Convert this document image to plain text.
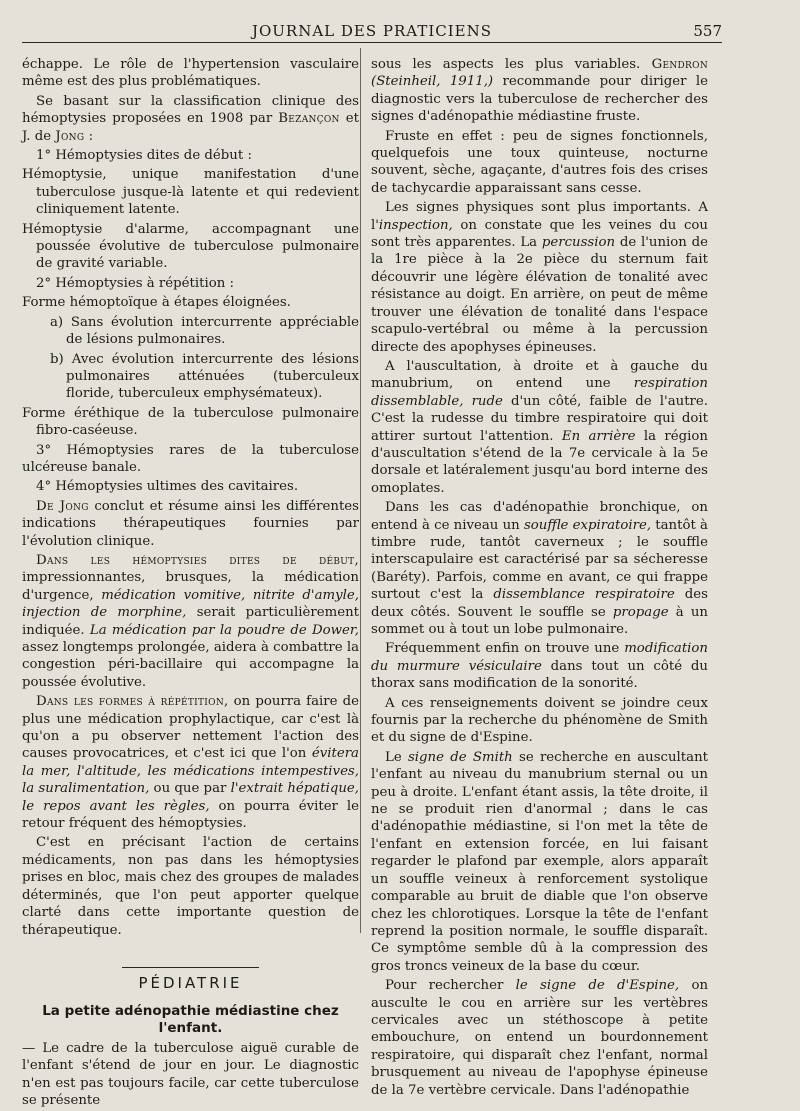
JOURNAL DES PRATICIENS	557

échappe. Le rôle de l'hypertension vasculaire même est des plus problématiques.

Se basant sur la classification clinique des hémoptysies proposées en 1908 par Bezançon et J. de Jong :

1° Hémoptysies dites de début :

Hémoptysie, unique manifestation d'une tuberculose jusque-là latente et qui redevient cliniquement latente.

Hémoptysie d'alarme, accompagnant une poussée évolutive de tuberculose pulmonaire de gravité variable.

2° Hémoptysies à répétition :

Forme hémoptoïque à étapes éloignées.

a) Sans évolution intercurrente appréciable de lésions pulmonaires.

b) Avec évolution intercurrente des lésions pulmonaires atténuées (tuberculeux floride, tuberculeux emphysémateux).

Forme éréthique de la tuberculose pulmonaire fibro-caséeuse.

3° Hémoptysies rares de la tuberculose ulcéreuse banale.

4° Hémoptysies ultimes des cavitaires.

De Jong conclut et résume ainsi les différentes indications thérapeutiques fournies par l'évolution clinique.

Dans les hémoptysies dites de début, impressionnantes, brusques, la médication d'urgence, médication vomitive, nitrite d'amyle, injection de morphine, serait particulièrement indiquée. La médication par la poudre de Dower, assez longtemps prolongée, aidera à combattre la congestion péri-bacillaire qui accompagne la poussée évolutive.

Dans les formes à répétition, on pourra faire de plus une médication prophylactique, car c'est là qu'on a pu observer nettement l'action des causes provocatrices, et c'est ici que l'on évitera la mer, l'altitude, les médications intempestives, la suralimentation, ou que par l'extrait hépatique, le repos avant les règles, on pourra éviter le retour fréquent des hémoptysies.

C'est en précisant l'action de certains médicaments, non pas dans les hémoptysies prises en bloc, mais chez des groupes de malades déterminés, que l'on peut apporter quelque clarté dans cette importante question de thérapeutique.

PÉDIATRIE
La petite adénopathie médiastine chez l'enfant.

— Le cadre de la tuberculose aiguë curable de l'enfant s'étend de jour en jour. Le diagnostic n'en est pas toujours facile, car cette tuberculose se présente

sous les aspects les plus variables. Gendron (Steinheil, 1911,) recommande pour diriger le diagnostic vers la tuberculose de rechercher des signes d'adénopathie médiastine fruste.

Fruste en effet : peu de signes fonctionnels, quelquefois une toux quinteuse, nocturne souvent, sèche, agaçante, d'autres fois des crises de tachycardie apparaissant sans cesse.

Les signes physiques sont plus importants. A l'inspection, on constate que les veines du cou sont très apparentes. La percussion de l'union de la 1re pièce à la 2e pièce du sternum fait découvrir une légère élévation de tonalité avec résistance au doigt. En arrière, on peut de même trouver une élévation de tonalité dans l'espace scapulo-vertébral ou même à la percussion directe des apophyses épineuses.

A l'auscultation, à droite et à gauche du manubrium, on entend une respiration dissemblable, rude d'un côté, faible de l'autre. C'est la rudesse du timbre respiratoire qui doit attirer surtout l'attention. En arrière la région d'auscultation s'étend de la 7e cervicale à la 5e dorsale et latéralement jusqu'au bord interne des omoplates.

Dans les cas d'adénopathie bronchique, on entend à ce niveau un souffle expiratoire, tantôt à timbre rude, tantôt caverneux ; le souffle interscapulaire est caractérisé par sa sécheresse (Baréty). Parfois, comme en avant, ce qui frappe surtout c'est la dissemblance respiratoire des deux côtés. Souvent le souffle se propage à un sommet ou à tout un lobe pulmonaire.

Fréquemment enfin on trouve une modification du murmure vésiculaire dans tout un côté du thorax sans modification de la sonorité.

A ces renseignements doivent se joindre ceux fournis par la recherche du phénomène de Smith et du signe de d'Espine.

Le signe de Smith se recherche en auscultant l'enfant au niveau du manubrium sternal ou un peu à droite. L'enfant étant assis, la tête droite, il ne se produit rien d'anormal ; dans le cas d'adénopathie médiastine, si l'on met la tête de l'enfant en extension forcée, en lui faisant regarder le plafond par exemple, alors apparaît un souffle veineux à renforcement systolique comparable au bruit de diable que l'on observe chez les chlorotiques. Lorsque la tête de l'enfant reprend la position normale, le souffle disparaît. Ce symptôme semble dû à la compression des gros troncs veineux de la base du cœur.

Pour rechercher le signe de d'Espine, on ausculte le cou en arrière sur les vertèbres cervicales avec un stéthoscope à petite embouchure, on entend un bourdonnement respiratoire, qui disparaît chez l'enfant, normal brusquement au niveau de l'apophyse épineuse de la 7e vertèbre cervicale. Dans l'adénopathie
